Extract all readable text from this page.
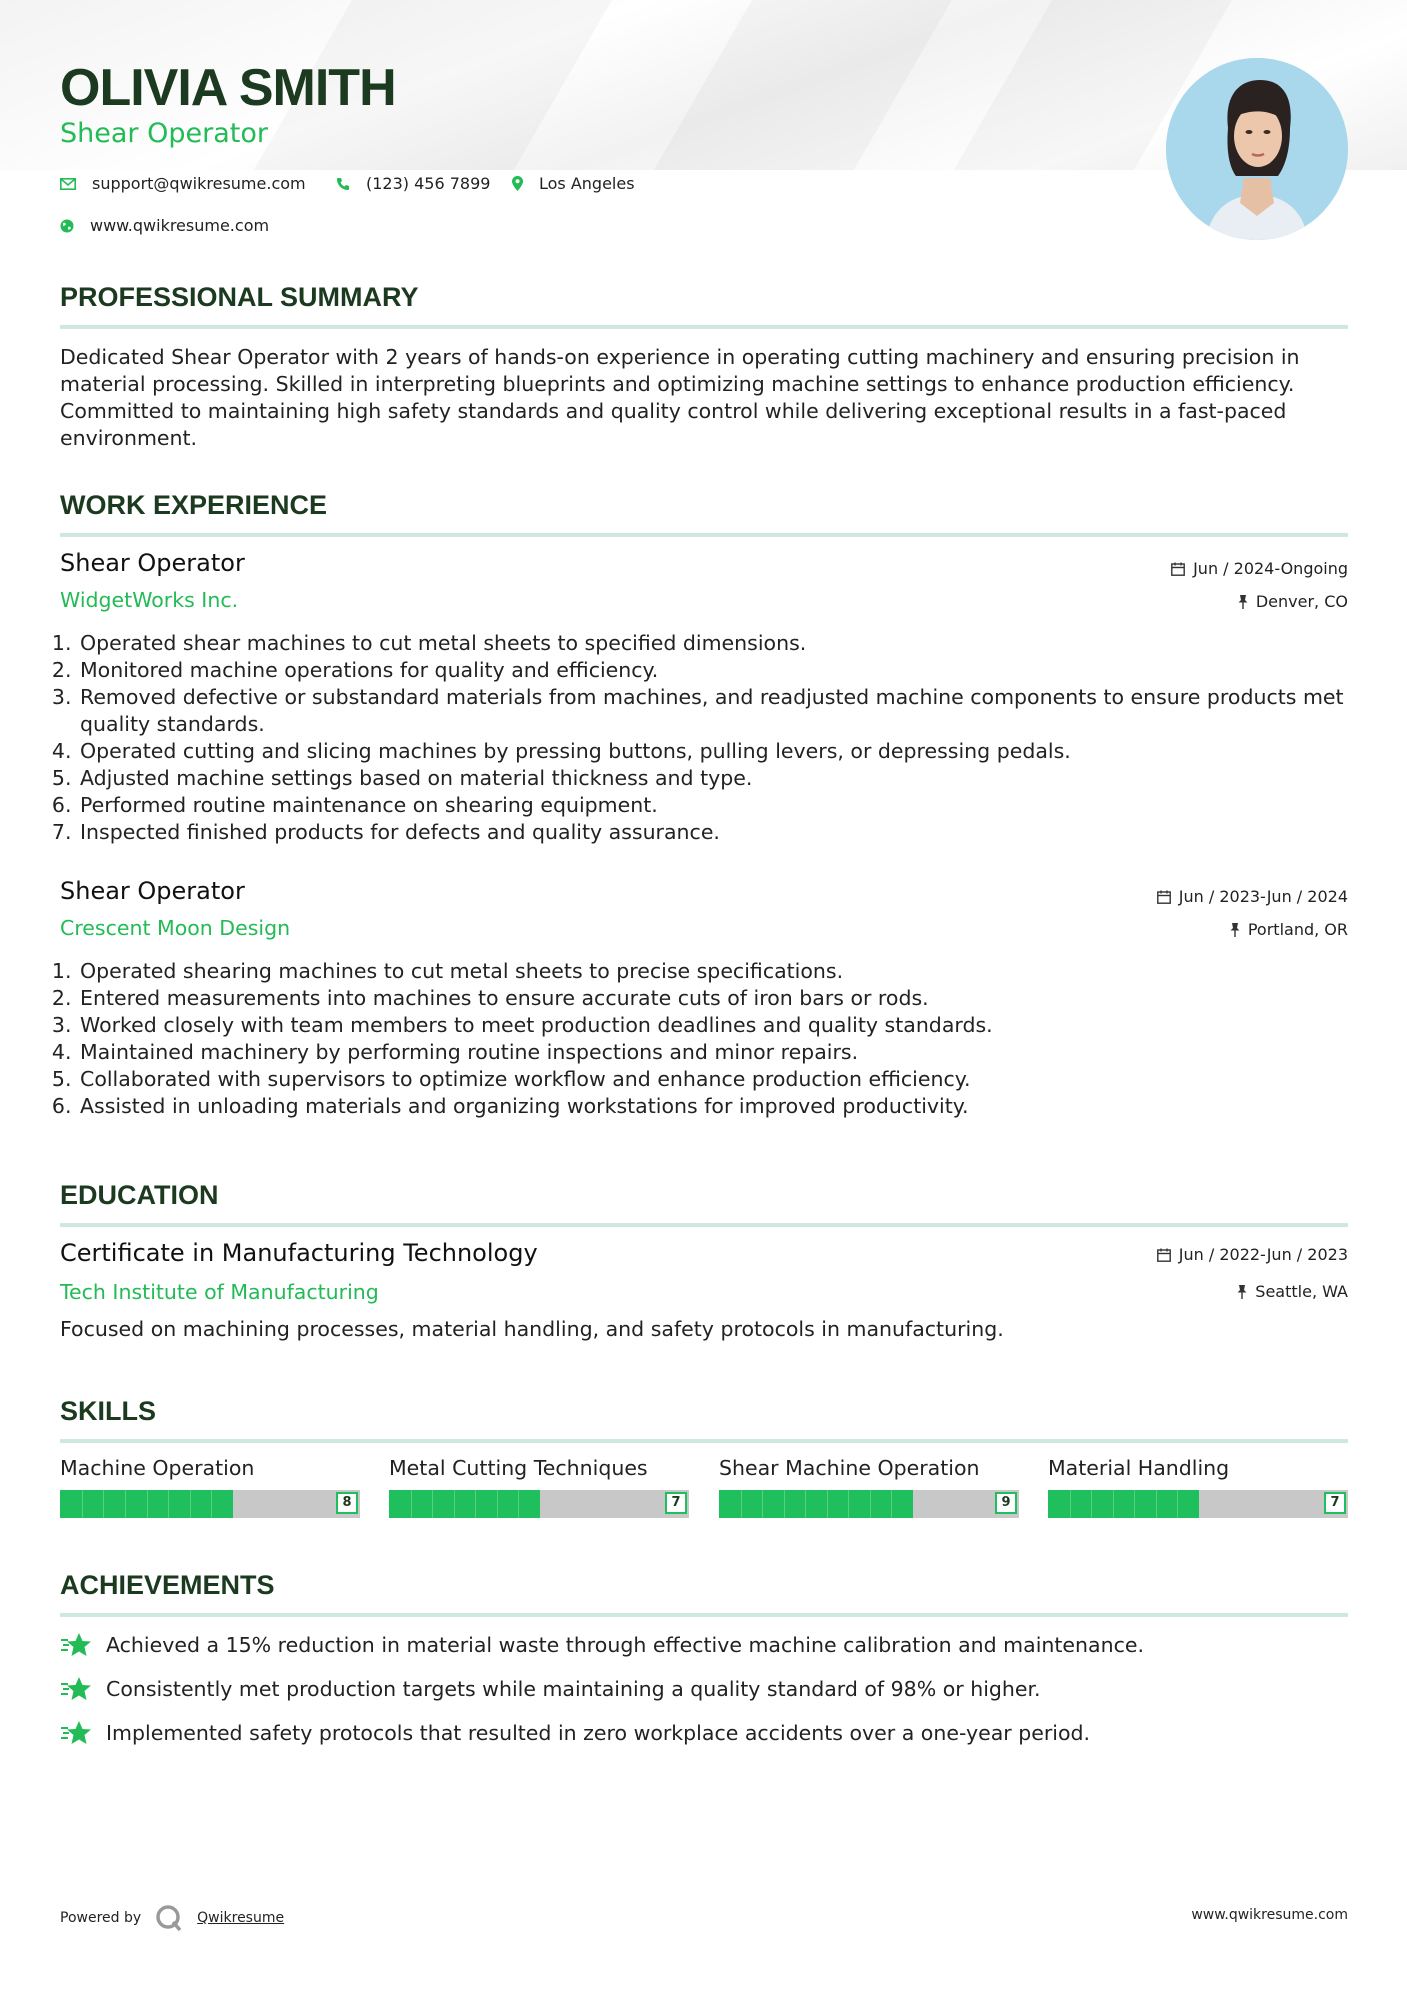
OLIVIA SMITH
Shear Operator
support@qwikresume.com	(123) 456 7899	Los Angeles
www.qwikresume.com
PROFESSIONAL SUMMARY
Dedicated Shear Operator with 2 years of hands-on experience in operating cutting machinery and ensuring precision in material processing. Skilled in interpreting blueprints and optimizing machine settings to enhance production efficiency. Committed to maintaining high safety standards and quality control while delivering exceptional results in a fast-paced environment.
WORK EXPERIENCE
Shear Operator
WidgetWorks Inc.
Jun / 2024-Ongoing
Denver, CO
1. Operated shear machines to cut metal sheets to specified dimensions.
2. Monitored machine operations for quality and efficiency.
3. Removed defective or substandard materials from machines, and readjusted machine components to ensure products met quality standards.
4. Operated cutting and slicing machines by pressing buttons, pulling levers, or depressing pedals.
5. Adjusted machine settings based on material thickness and type.
6. Performed routine maintenance on shearing equipment.
7. Inspected finished products for defects and quality assurance.
Shear Operator
Crescent Moon Design
Jun / 2023-Jun / 2024
Portland, OR
1. Operated shearing machines to cut metal sheets to precise specifications.
2. Entered measurements into machines to ensure accurate cuts of iron bars or rods.
3. Worked closely with team members to meet production deadlines and quality standards.
4. Maintained machinery by performing routine inspections and minor repairs.
5. Collaborated with supervisors to optimize workflow and enhance production efficiency.
6. Assisted in unloading materials and organizing workstations for improved productivity.
EDUCATION
Certificate in Manufacturing Technology
Tech Institute of Manufacturing
Jun / 2022-Jun / 2023
Seattle, WA
Focused on machining processes, material handling, and safety protocols in manufacturing.
SKILLS
Machine Operation
8
Metal Cutting Techniques
7
Shear Machine Operation
9
Material Handling
7
ACHIEVEMENTS
Achieved a 15% reduction in material waste through effective machine calibration and maintenance.
Consistently met production targets while maintaining a quality standard of 98% or higher.
Implemented safety protocols that resulted in zero workplace accidents over a one-year period.
Powered by	Qwikresume	www.qwikresume.com
